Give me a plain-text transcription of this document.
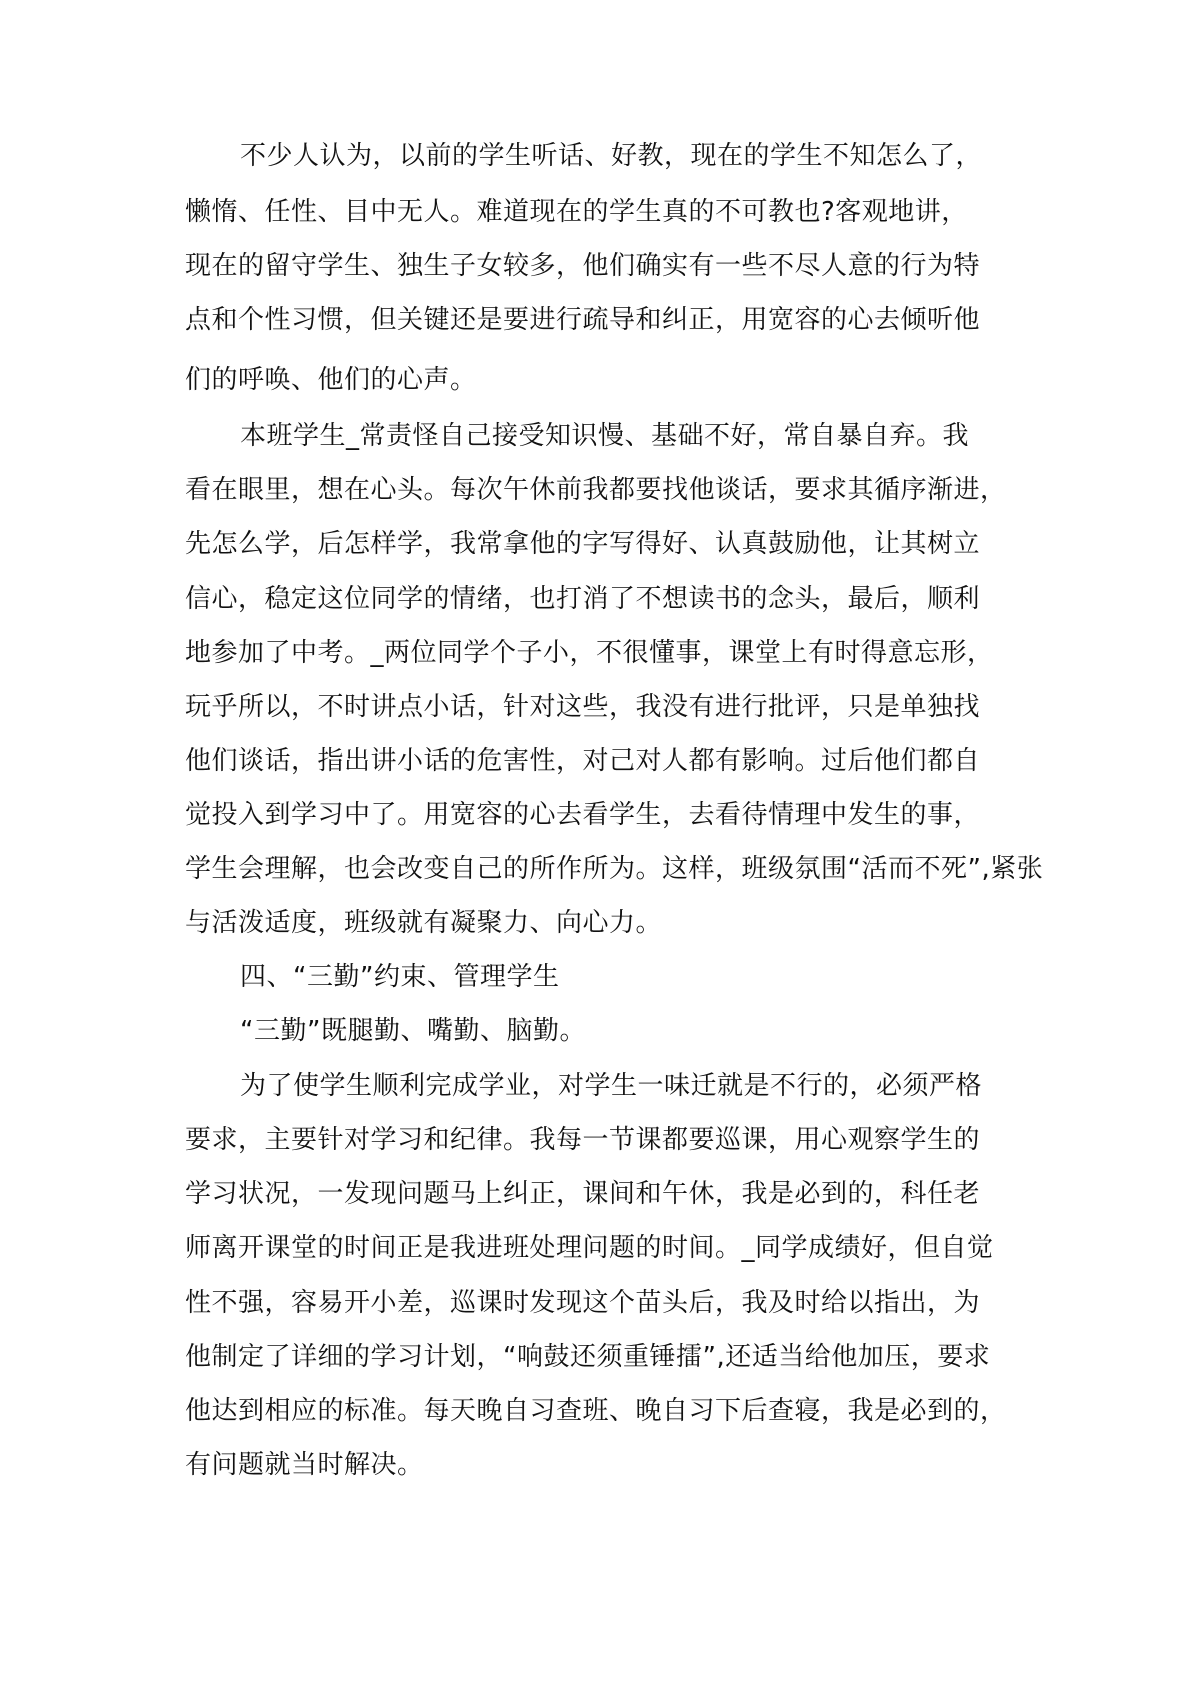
不少人认为，以前的学生听话、好教，现在的学生不知怎么了，
懒惰、任性、目中无人。难道现在的学生真的不可教也?客观地讲，
现在的留守学生、独生子女较多，他们确实有一些不尽人意的行为特
点和个性习惯，但关键还是要进行疏导和纠正，用宽容的心去倾听他
们的呼唤、他们的心声。
本班学生_常责怪自己接受知识慢、基础不好，常自暴自弃。我
看在眼里，想在心头。每次午休前我都要找他谈话，要求其循序渐进，
先怎么学，后怎样学，我常拿他的字写得好、认真鼓励他，让其树立
信心，稳定这位同学的情绪，也打消了不想读书的念头，最后，顺利
地参加了中考。_两位同学个子小，不很懂事，课堂上有时得意忘形，
玩乎所以，不时讲点小话，针对这些，我没有进行批评，只是单独找
他们谈话，指出讲小话的危害性，对己对人都有影响。过后他们都自
觉投入到学习中了。用宽容的心去看学生，去看待情理中发生的事，
学生会理解，也会改变自己的所作所为。这样，班级氛围“活而不死”,紧张
与活泼适度，班级就有凝聚力、向心力。
四、“三勤”约束、管理学生
“三勤”既腿勤、嘴勤、脑勤。
为了使学生顺利完成学业，对学生一味迁就是不行的，必须严格
要求，主要针对学习和纪律。我每一节课都要巡课，用心观察学生的
学习状况，一发现问题马上纠正，课间和午休，我是必到的，科任老
师离开课堂的时间正是我进班处理问题的时间。_同学成绩好，但自觉
性不强，容易开小差，巡课时发现这个苗头后，我及时给以指出，为
他制定了详细的学习计划，“响鼓还须重锤擂”,还适当给他加压，要求
他达到相应的标准。每天晚自习查班、晚自习下后查寝，我是必到的，
有问题就当时解决。
